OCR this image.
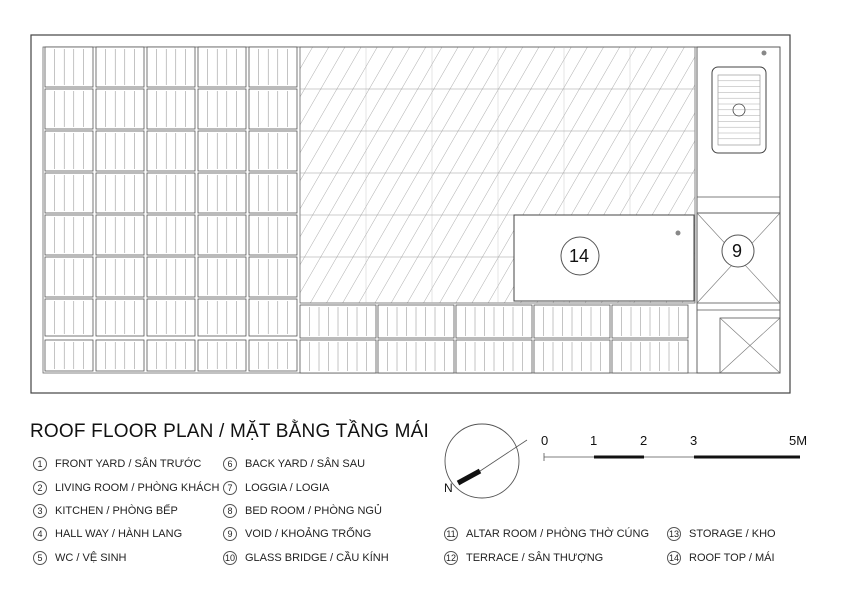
14	9
ROOF FLOOR PLAN / MẶT BẰNG TẦNG MÁI	0	1	2	3	5M
N
1	FRONT YARD / SÂN TRƯỚC
2	LIVING ROOM / PHÒNG KHÁCH
3	KITCHEN / PHÒNG BẾP
4	HALL WAY / HÀNH LANG
5	WC / VỆ SINH
6	BACK YARD / SÂN SAU
7	LOGGIA / LOGIA
8	BED ROOM / PHÒNG NGỦ
9	VOID / KHOẢNG TRỐNG
10 GLASS BRIDGE / CẦU KÍNH
11 ALTAR ROOM / PHÒNG THỜ CÚNG
12 TERRACE / SÂN THƯỢNG
13 STORAGE / KHO
14 ROOF TOP / MÁI
